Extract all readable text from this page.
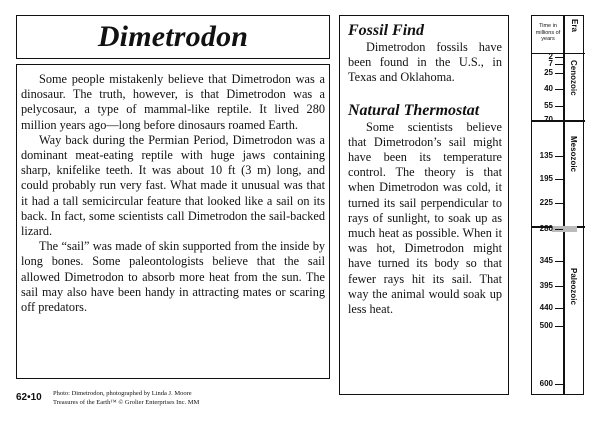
Dimetrodon

Some people mistakenly believe that Dimetrodon was a dinosaur. The truth, however, is that Dimetrodon was a pelycosaur, a type of mammal-like reptile. It lived 280 million years ago—long before dinosaurs roamed Earth.

Way back during the Permian Period, Dimetrodon was a dominant meat-eating reptile with huge jaws containing sharp, knifelike teeth. It was about 10 ft (3 m) long, and could probably run very fast. What made it unusual was that it had a tall semicircular feature that looked like a sail on its back. In fact, some scientists call Dimetrodon the sail-backed lizard.

The “sail” was made of skin supported from the inside by long bones. Some paleontologists believe that the sail allowed Dimetrodon to absorb more heat from the sun. The sail may also have been handy in attracting mates or scaring off predators.

62•10 Photo: Dimetrodon, photographed by Linda J. Moore
Treasures of the Earth™ © Grolier Enterprises Inc. MM
Fossil Find

Dimetrodon fossils have been found in the U.S., in Texas and Oklahoma.

Natural Thermostat

Some scientists believe that Dimetrodon’s sail might have been its temperature control. The theory is that when Dimetrodon was cold, it turned its sail perpendicular to rays of sunlight, to soak up as much heat as possible. When it was hot, Dimetrodon might have turned its body so that fewer rays hit its sail. That way the animal would soak up less heat.

Time in millions of years
Era
2
7
25
40
55
70
135
195
225
280
345
395
440
500
600
Cenozoic
Mesozoic
Paleozoic
